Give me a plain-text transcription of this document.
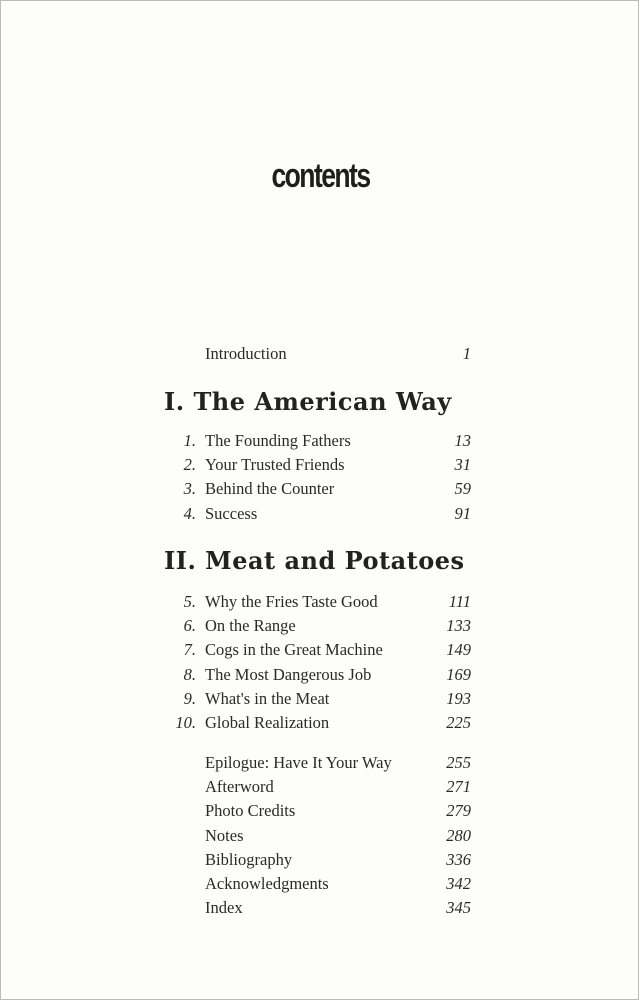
contents
Introduction	1
I. The American Way
II. Meat and Potatoes
1. The Founding Fathers	13
2. Your Trusted Friends	31
3. Behind the Counter	59
4. Success	91
5. Why the Fries Taste Good	111
6. On the Range	133
7. Cogs in the Great Machine	149
8. The Most Dangerous Job	169
9. What's in the Meat	193
10. Global Realization	225
Epilogue: Have It Your Way	255
Afterword	271
Photo Credits	279
Notes	280
Bibliography	336
Acknowledgments	342
Index	345
